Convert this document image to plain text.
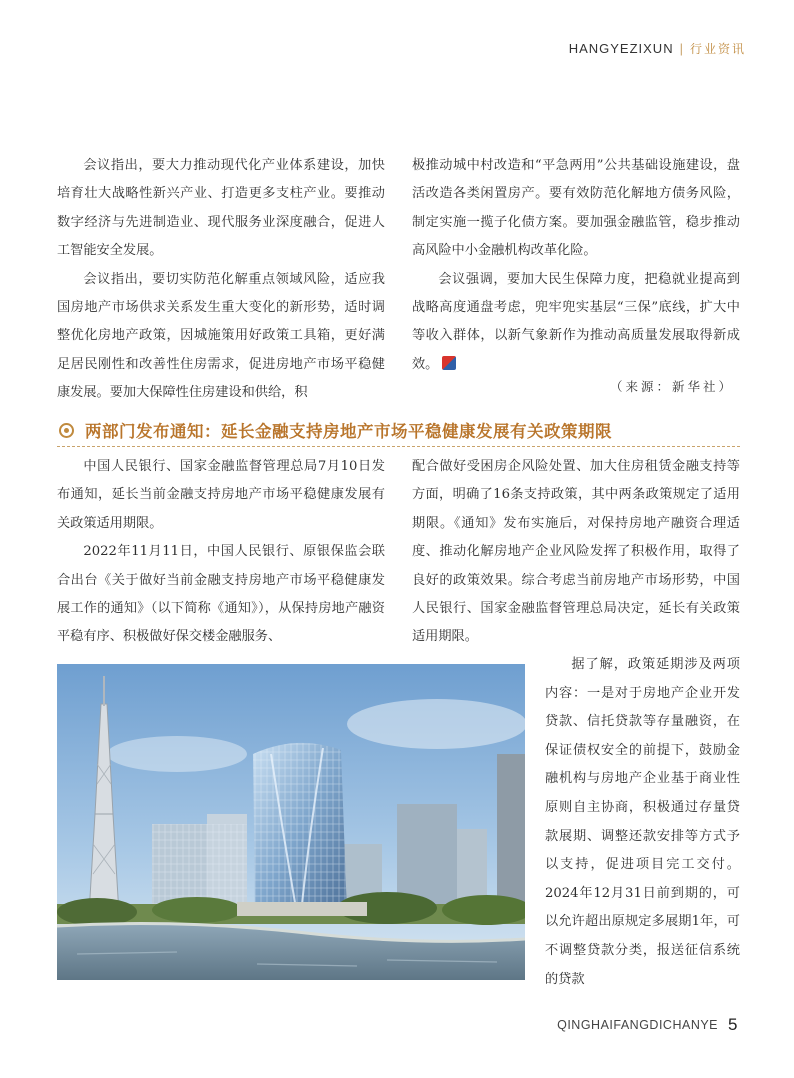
HANGYEZIXUN | 行业资讯

会议指出，要大力推动现代化产业体系建设，加快培育壮大战略性新兴产业、打造更多支柱产业。要推动数字经济与先进制造业、现代服务业深度融合，促进人工智能安全发展。

会议指出，要切实防范化解重点领域风险，适应我国房地产市场供求关系发生重大变化的新形势，适时调整优化房地产政策，因城施策用好政策工具箱，更好满足居民刚性和改善性住房需求，促进房地产市场平稳健康发展。要加大保障性住房建设和供给，积

极推动城中村改造和“平急两用”公共基础设施建设，盘活改造各类闲置房产。要有效防范化解地方债务风险，制定实施一揽子化债方案。要加强金融监管，稳步推动高风险中小金融机构改革化险。

会议强调，要加大民生保障力度，把稳就业提高到战略高度通盘考虑，兜牢兜实基层“三保”底线，扩大中等收入群体，以新气象新作为推动高质量发展取得新成效。

（来源：新华社）
两部门发布通知：延长金融支持房地产市场平稳健康发展有关政策期限

中国人民银行、国家金融监督管理总局7月10日发布通知，延长当前金融支持房地产市场平稳健康发展有关政策适用期限。

2022年11月11日，中国人民银行、原银保监会联合出台《关于做好当前金融支持房地产市场平稳健康发展工作的通知》（以下简称《通知》），从保持房地产融资平稳有序、积极做好保交楼金融服务、

配合做好受困房企风险处置、加大住房租赁金融支持等方面，明确了16条支持政策，其中两条政策规定了适用期限。《通知》发布实施后，对保持房地产融资合理适度、推动化解房地产企业风险发挥了积极作用，取得了良好的政策效果。综合考虑当前房地产市场形势，中国人民银行、国家金融监督管理总局决定，延长有关政策适用期限。

据了解，政策延期涉及两项内容：一是对于房地产企业开发贷款、信托贷款等存量融资，在保证债权安全的前提下，鼓励金融机构与房地产企业基于商业性原则自主协商，积极通过存量贷款展期、调整还款安排等方式予以支持，促进项目完工交付。2024年12月31日前到期的，可以允许超出原规定多展期1年，可不调整贷款分类，报送征信系统的贷款

QINGHAIFANGDICHANYE 5
